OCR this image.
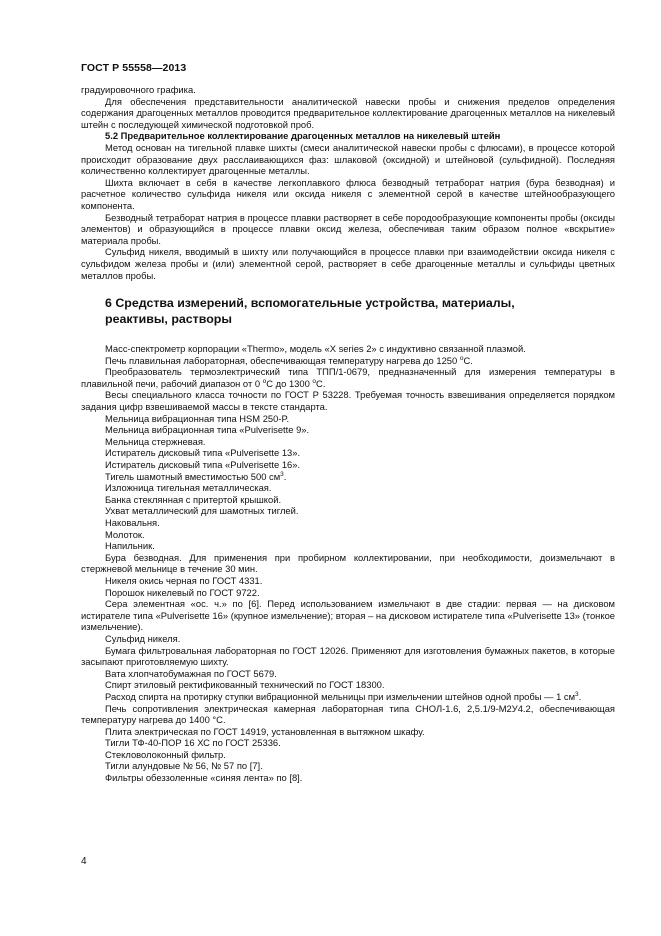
ГОСТ Р 55558—2013

градуировочного графика.

Для обеспечения представительности аналитической навески пробы и снижения пределов определения содержания драгоценных металлов проводится предварительное коллектирование драгоценных металлов на никелевый штейн с последующей химической подготовкой проб.

5.2 Предварительное коллектирование драгоценных металлов на никелевый штейн

Метод основан на тигельной плавке шихты (смеси аналитической навески пробы с флюсами), в процессе которой происходит образование двух расслаивающихся фаз: шлаковой (оксидной) и штейновой (сульфидной). Последняя количественно коллектирует драгоценные металлы.

Шихта включает в себя в качестве легкоплавкого флюса безводный тетраборат натрия (бура безводная) и расчетное количество сульфида никеля или оксида никеля с элементной серой в качестве штейнообразующего компонента.

Безводный тетраборат натрия в процессе плавки растворяет в себе породообразующие компоненты пробы (оксиды элементов) и образующийся в процессе плавки оксид железа, обеспечивая таким образом полное «вскрытие» материала пробы.

Сульфид никеля, вводимый в шихту или получающийся в процессе плавки при взаимодействии оксида никеля с сульфидом железа пробы и (или) элементной серой, растворяет в себе драгоценные металлы и сульфиды цветных металлов пробы.

6 Средства измерений, вспомогательные устройства, материалы, реактивы, растворы

Масс-спектрометр корпорации «Thermo», модель «X series 2» с индуктивно связанной плазмой.

Печь плавильная лабораторная, обеспечивающая температуру нагрева до 1250 $^о$С.

Преобразователь термоэлектрический типа ТПП/1-0679, предназначенный для измерения температуры в плавильной печи, рабочий диапазон от 0 $^о$С до 1300 $^о$С.

Весы специального класса точности по ГОСТ Р 53228. Требуемая точность взвешивания определяется порядком задания цифр взвешиваемой массы в тексте стандарта.

Мельница вибрационная типа HSM 250-P.

Мельница вибрационная типа «Pulverisette 9».

Мельница стержневая.

Истиратель дисковый типа «Pulverisette 13».

Истиратель дисковый типа «Pulverisette 16».

Тигель шамотный вместимостью 500 $см^3$.

Изложница тигельная металлическая.

Банка стеклянная с притертой крышкой.

Ухват металлический для шамотных тиглей.

Наковальня.

Молоток.

Напильник.

Бура безводная. Для применения при пробирном коллектировании, при необходимости, доизмельчают в стержневой мельнице в течение 30 мин.

Никеля окись черная по ГОСТ 4331.

Порошок никелевый по ГОСТ 9722.

Сера элементная «ос. ч.» по [6]. Перед использованием измельчают в две стадии: первая — на дисковом истирателе типа «Pulverisette 16» (крупное измельчение); вторая – на дисковом истирателе типа «Pulverisette 13» (тонкое измельчение).

Сульфид никеля.

Бумага фильтровальная лабораторная по ГОСТ 12026. Применяют для изготовления бумажных пакетов, в которые засыпают приготовляемую шихту.

Вата хлопчатобумажная по ГОСТ 5679.

Спирт этиловый ректификованный технический по ГОСТ 18300.

Расход спирта на протирку ступки вибрационной мельницы при измельчении штейнов одной пробы — 1 $см^3$.

Печь сопротивления электрическая камерная лабораторная типа СНОЛ-1.6, 2,5.1/9-М2У4.2, обеспечивающая температуру нагрева до 1400 °С.

Плита электрическая по ГОСТ 14919, установленная в вытяжном шкафу.

Тигли ТФ-40-ПОР 16 ХС по ГОСТ 25336.

Стекловолоконный фильтр.

Тигли алундовые № 56, № 57 по [7].

Фильтры обеззоленные «синяя лента» по [8].

4
